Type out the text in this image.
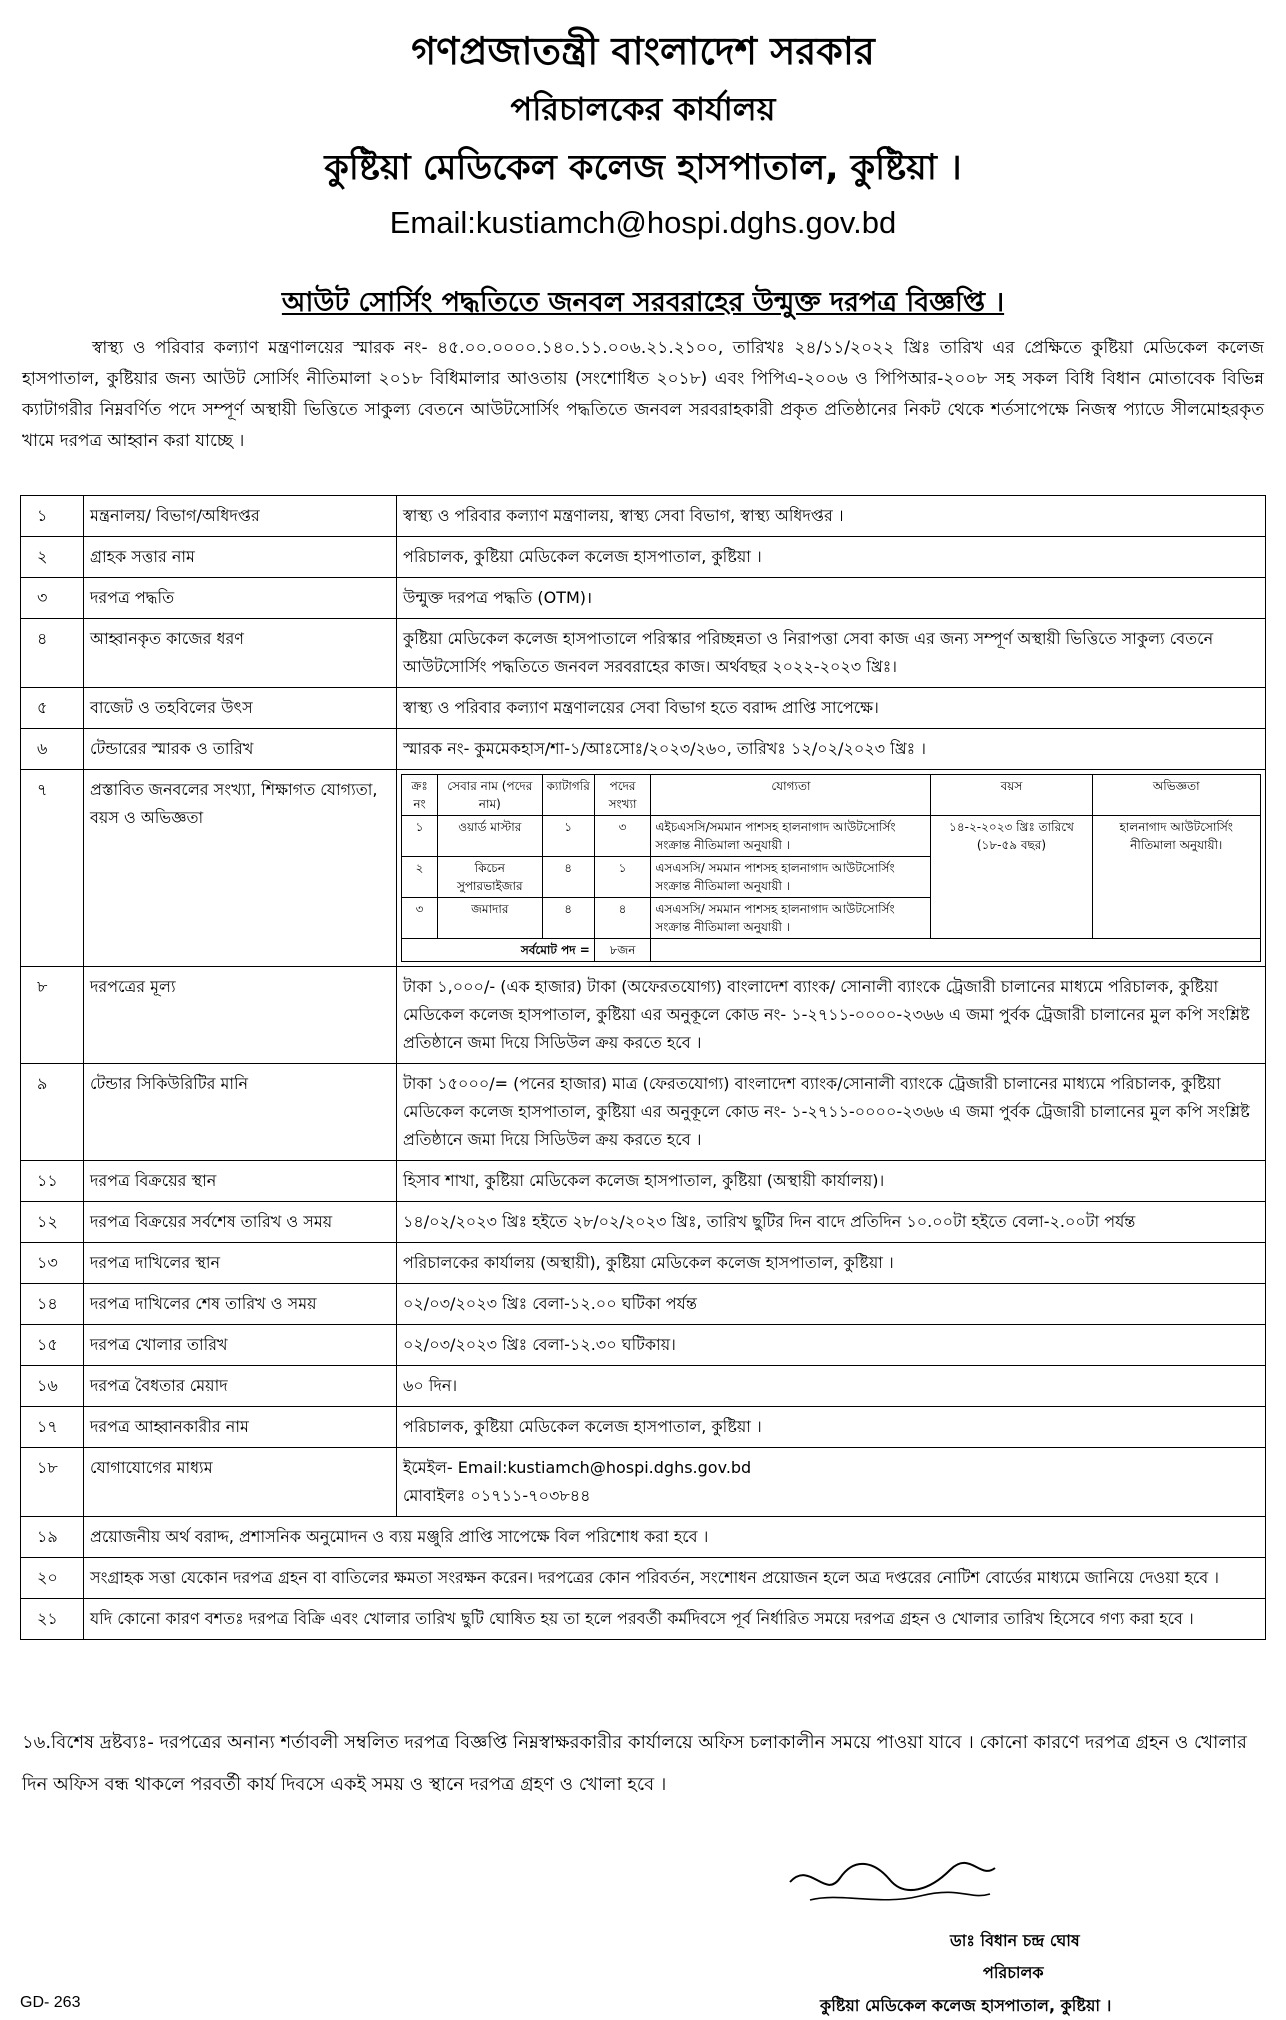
গণপ্রজাতন্ত্রী বাংলাদেশ সরকার
পরিচালকের কার্যালয়
কুষ্টিয়া মেডিকেল কলেজ হাসপাতাল, কুষ্টিয়া ।
Email:kustiamch@hospi.dghs.gov.bd
আউট সোর্সিং পদ্ধতিতে জনবল সরবরাহের উন্মুক্ত দরপত্র বিজ্ঞপ্তি ।
স্বাস্থ্য ও পরিবার কল্যাণ মন্ত্রণালয়ের স্মারক নং- ৪৫.০০.০০০০.১৪০.১১.০০৬.২১.২১০০, তারিখঃ ২৪/১১/২০২২ খ্রিঃ তারিখ এর প্রেক্ষিতে কুষ্টিয়া মেডিকেল কলেজ হাসপাতাল, কুষ্টিয়ার জন্য আউট সোর্সিং নীতিমালা ২০১৮ বিধিমালার আওতায় (সংশোধিত ২০১৮) এবং পিপিএ-২০০৬ ও পিপিআর-২০০৮ সহ সকল বিধি বিধান মোতাবেক বিভিন্ন ক্যাটাগরীর নিম্নবর্ণিত পদে সম্পূর্ণ অস্থায়ী ভিত্তিতে সাকুল্য বেতনে আউটসোর্সিং পদ্ধতিতে জনবল সরবরাহকারী প্রকৃত প্রতিষ্ঠানের নিকট থেকে শর্তসাপেক্ষে নিজস্ব প্যাডে সীলমোহরকৃত খামে দরপত্র আহ্বান করা যাচ্ছে ।
১	মন্ত্রনালয়/ বিভাগ/অধিদপ্তর	স্বাস্থ্য ও পরিবার কল্যাণ মন্ত্রণালয়, স্বাস্থ্য সেবা বিভাগ, স্বাস্থ্য অধিদপ্তর ।
২	গ্রাহক সত্তার নাম	পরিচালক, কুষ্টিয়া মেডিকেল কলেজ হাসপাতাল, কুষ্টিয়া ।
৩	দরপত্র পদ্ধতি	উন্মুক্ত দরপত্র পদ্ধতি (OTM)।
৪	আহ্বানকৃত কাজের ধরণ	কুষ্টিয়া মেডিকেল কলেজ হাসপাতালে পরিস্কার পরিচ্ছন্নতা ও নিরাপত্তা সেবা কাজ এর জন্য সম্পূর্ণ অস্থায়ী ভিত্তিতে সাকুল্য বেতনে আউটসোর্সিং পদ্ধতিতে জনবল সরবরাহের কাজ। অর্থবছর ২০২২-২০২৩ খ্রিঃ।
৫	বাজেট ও তহবিলের উৎস	স্বাস্থ্য ও পরিবার কল্যাণ মন্ত্রণালয়ের সেবা বিভাগ হতে বরাদ্দ প্রাপ্তি সাপেক্ষে।
৬	টেন্ডারের স্মারক ও তারিখ	স্মারক নং- কুমমেকহাস/শা-১/আঃসোঃ/২০২৩/২৬০, তারিখঃ ১২/০২/২০২৩ খ্রিঃ ।
৭	প্রস্তাবিত জনবলের সংখ্যা, শিক্ষাগত যোগ্যতা, বয়স ও অভিজ্ঞতা	
ক্রঃ নং	সেবার নাম (পদের নাম)	ক্যাটাগরি	পদের সংখ্যা	যোগ্যতা	বয়স	অভিজ্ঞতা
১	ওয়ার্ড মাস্টার	১	৩	এইচএসসি/সমমান পাশসহ হালনাগাদ আউটসোর্সিং সংক্রান্ত নীতিমালা অনুযায়ী ।	১৪-২-২০২৩ খ্রিঃ তারিখে (১৮-৫৯ বছর)	হালনাগাদ আউটসোর্সিং নীতিমালা অনুযায়ী।
২	কিচেন সুপারভাইজার	৪	১	এসএসসি/ সমমান পাশসহ হালনাগাদ আউটসোর্সিং সংক্রান্ত নীতিমালা অনুযায়ী ।
৩	জমাদার	৪	৪	এসএসসি/ সমমান পাশসহ হালনাগাদ আউটসোর্সিং সংক্রান্ত নীতিমালা অনুযায়ী ।
সর্বমোট পদ =	৮জন	

৮	দরপত্রের মূল্য	টাকা ১,০০০/- (এক হাজার) টাকা (অফেরতযোগ্য) বাংলাদেশ ব্যাংক/ সোনালী ব্যাংকে ট্রেজারী চালানের মাধ্যমে পরিচালক, কুষ্টিয়া মেডিকেল কলেজ হাসপাতাল, কুষ্টিয়া এর অনুকূলে কোড নং- ১-২৭১১-০০০০-২৩৬৬ এ জমা পুর্বক ট্রেজারী চালানের মুল কপি সংশ্লিষ্ট প্রতিষ্ঠানে জমা দিয়ে সিডিউল ক্রয় করতে হবে ।
৯	টেন্ডার সিকিউরিটির মানি	টাকা ১৫০০০/= (পনের হাজার) মাত্র (ফেরতযোগ্য) বাংলাদেশ ব্যাংক/সোনালী ব্যাংকে ট্রেজারী চালানের মাধ্যমে পরিচালক, কুষ্টিয়া মেডিকেল কলেজ হাসপাতাল, কুষ্টিয়া এর অনুকূলে কোড নং- ১-২৭১১-০০০০-২৩৬৬ এ জমা পুর্বক ট্রেজারী চালানের মুল কপি সংশ্লিষ্ট প্রতিষ্ঠানে জমা দিয়ে সিডিউল ক্রয় করতে হবে ।
১১	দরপত্র বিক্রয়ের স্থান	হিসাব শাখা, কুষ্টিয়া মেডিকেল কলেজ হাসপাতাল, কুষ্টিয়া (অস্থায়ী কার্যালয়)।
১২	দরপত্র বিক্রয়ের সর্বশেষ তারিখ ও সময়	১৪/০২/২০২৩ খ্রিঃ হইতে ২৮/০২/২০২৩ খ্রিঃ, তারিখ ছুটির দিন বাদে প্রতিদিন ১০.০০টা হইতে বেলা-২.০০টা পর্যন্ত
১৩	দরপত্র দাখিলের স্থান	পরিচালকের কার্যালয় (অস্থায়ী), কুষ্টিয়া মেডিকেল কলেজ হাসপাতাল, কুষ্টিয়া ।
১৪	দরপত্র দাখিলের শেষ তারিখ ও সময়	০২/০৩/২০২৩ খ্রিঃ বেলা-১২.০০ ঘটিকা পর্যন্ত
১৫	দরপত্র খোলার তারিখ	০২/০৩/২০২৩ খ্রিঃ বেলা-১২.৩০ ঘটিকায়।
১৬	দরপত্র বৈধতার মেয়াদ	৬০ দিন।
১৭	দরপত্র আহ্বানকারীর নাম	পরিচালক, কুষ্টিয়া মেডিকেল কলেজ হাসপাতাল, কুষ্টিয়া ।
১৮	যোগাযোগের মাধ্যম	ইমেইল- Email:kustiamch@hospi.dghs.gov.bd
মোবাইলঃ ০১৭১১-৭০৩৮৪৪

১৯	প্রয়োজনীয় অর্থ বরাদ্দ, প্রশাসনিক অনুমোদন ও ব্যয় মঞ্জুরি প্রাপ্তি সাপেক্ষে বিল পরিশোধ করা হবে ।
২০	সংগ্রাহক সত্তা যেকোন দরপত্র গ্রহন বা বাতিলের ক্ষমতা সংরক্ষন করেন। দরপত্রের কোন পরিবর্তন, সংশোধন প্রয়োজন হলে অত্র দপ্তরের নোটিশ বোর্ডের মাধ্যমে জানিয়ে দেওয়া হবে ।
২১	যদি কোনো কারণ বশতঃ দরপত্র বিক্রি এবং খোলার তারিখ ছুটি ঘোষিত হয় তা হলে পরবর্তী কর্মদিবসে পূর্ব নির্ধারিত সময়ে দরপত্র গ্রহন ও খোলার তারিখ হিসেবে গণ্য করা হবে ।
১৬.বিশেষ দ্রষ্টব্যঃ- দরপত্রের অনান্য শর্তাবলী সম্বলিত দরপত্র বিজ্ঞপ্তি নিম্নস্বাক্ষরকারীর কার্যালয়ে অফিস চলাকালীন সময়ে পাওয়া যাবে । কোনো কারণে দরপত্র গ্রহন ও খোলার দিন অফিস বন্ধ থাকলে পরবর্তী কার্য দিবসে একই সময় ও স্থানে দরপত্র গ্রহণ ও খোলা হবে ।
ডাঃ বিধান চন্দ্র ঘোষ
পরিচালক
কুষ্টিয়া মেডিকেল কলেজ হাসপাতাল, কুষ্টিয়া ।
GD- 263
